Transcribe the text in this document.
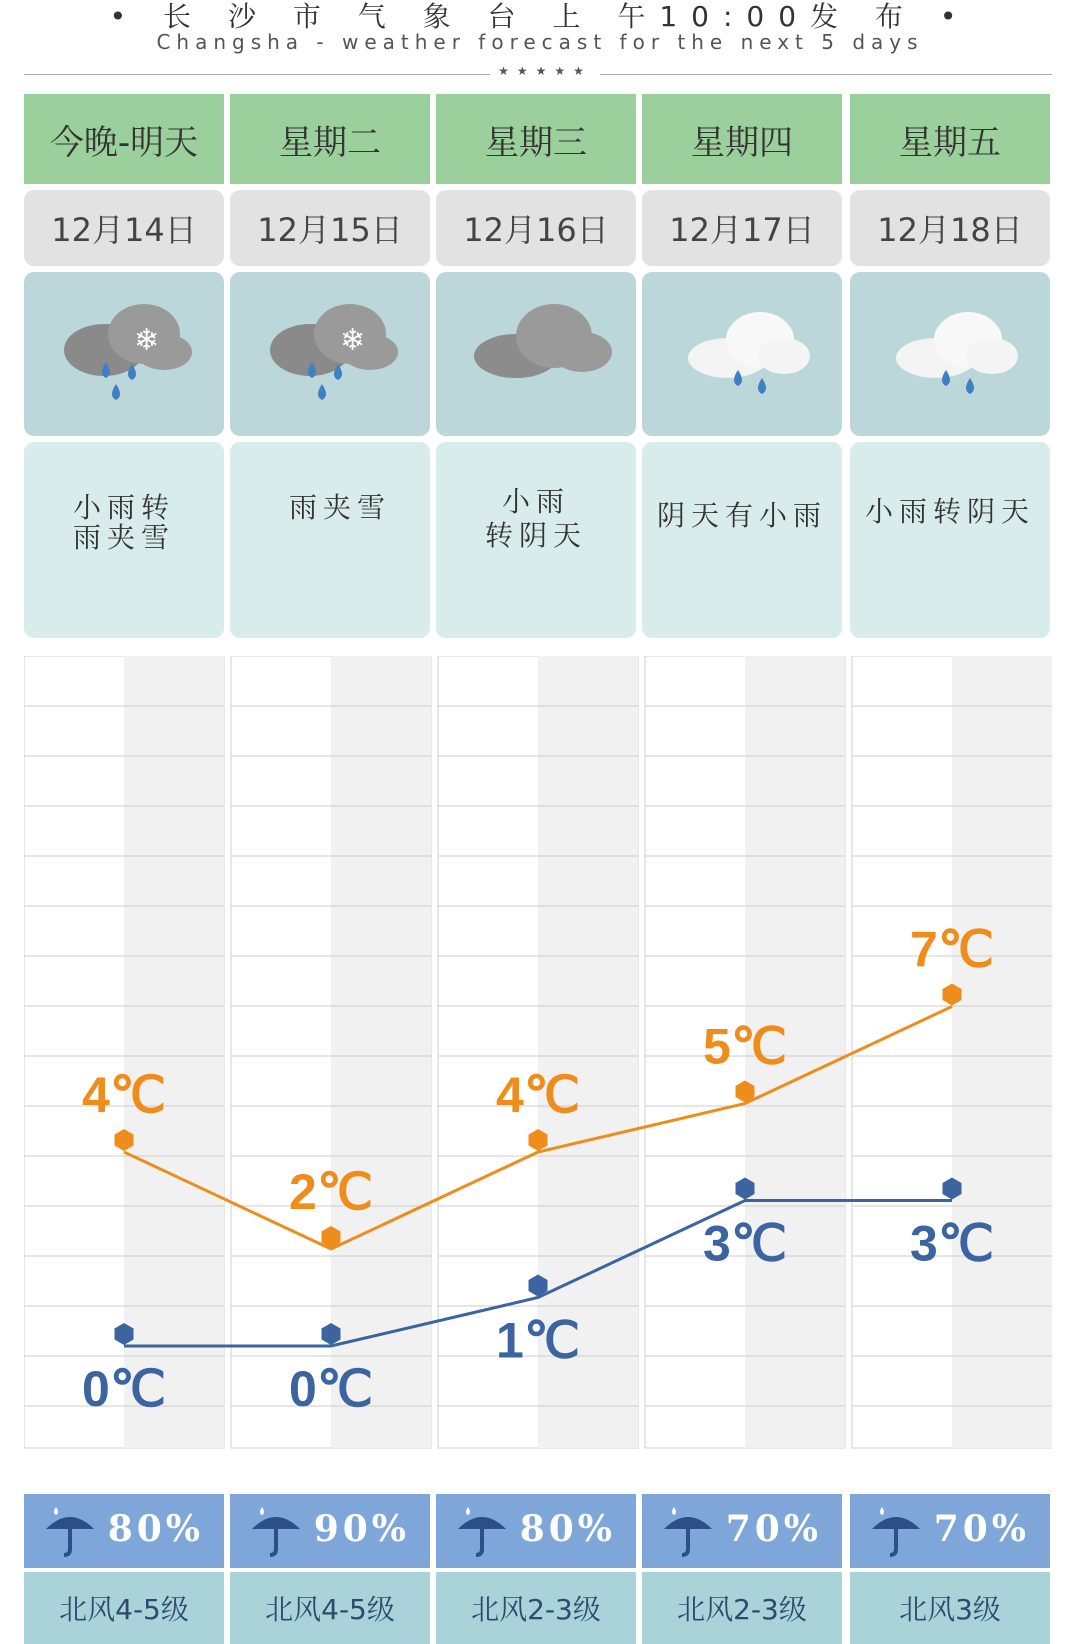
• 长 沙 市 气 象 台 上 午10:00发 布 •
Changsha - weather forecast for the next 5 days
★★★★★
今晚-明天
12月14日
❄
小雨转
雨夹雪
星期二
12月15日
❄
雨夹雪
星期三
12月16日
小雨
转阴天
星期四
12月17日
阴天有小雨
星期五
12月18日
小雨转阴天
4℃
2℃
4℃
5℃
7℃
0℃ 0℃
1℃
3℃ 3℃
80%
北风4-5级
90%
北风4-5级
80%
北风2-3级
70%
北风2-3级
70%
北风3级
